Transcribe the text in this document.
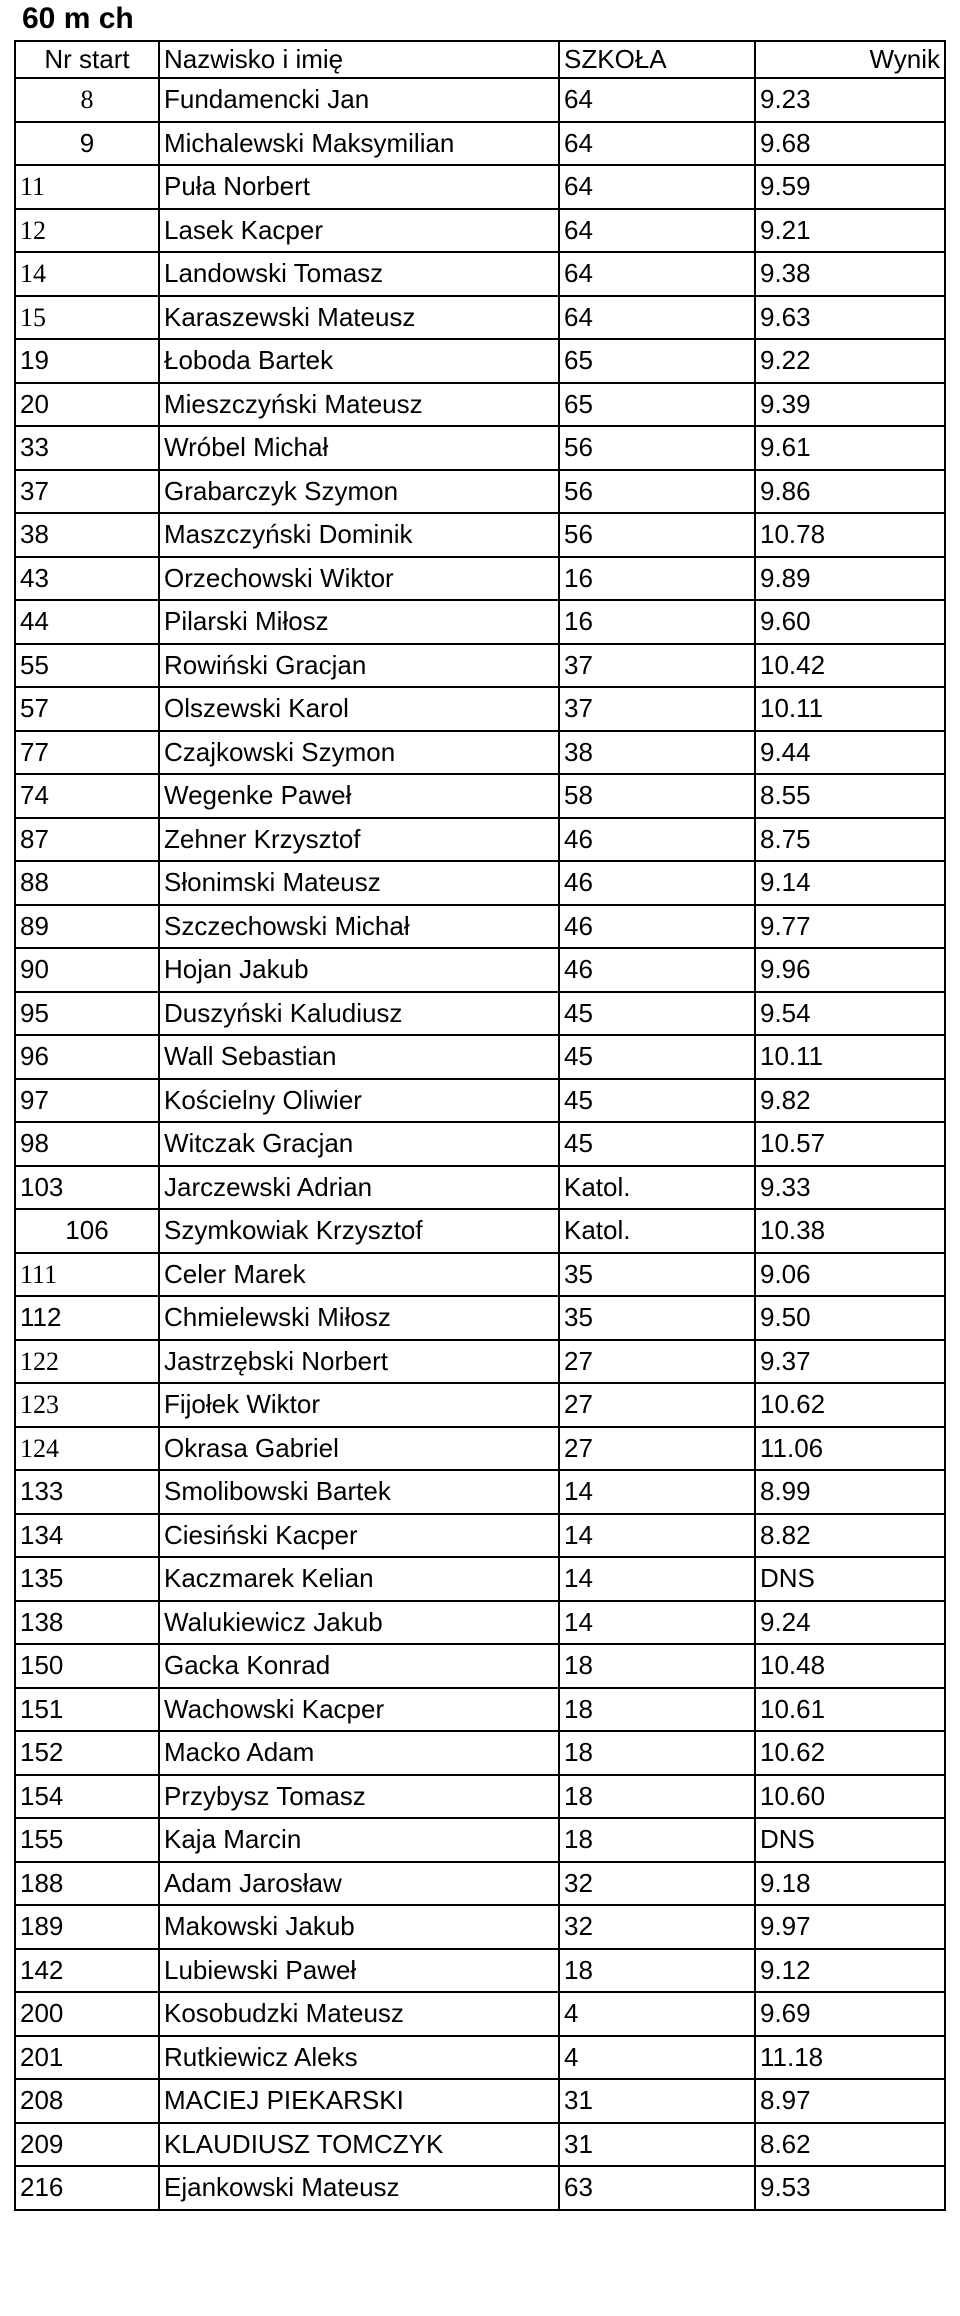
60 m ch
Nr start	Nazwisko i imię	SZKOŁA	Wynik
8	Fundamencki Jan	64	9.23
9	Michalewski Maksymilian	64	9.68
11	Puła Norbert	64	9.59
12	Lasek Kacper	64	9.21
14	Landowski Tomasz	64	9.38
15	Karaszewski Mateusz	64	9.63
19	Łoboda Bartek	65	9.22
20	Mieszczyński Mateusz	65	9.39
33	Wróbel Michał	56	9.61
37	Grabarczyk Szymon	56	9.86
38	Maszczyński Dominik	56	10.78
43	Orzechowski Wiktor	16	9.89
44	Pilarski Miłosz	16	9.60
55	Rowiński Gracjan	37	10.42
57	Olszewski Karol	37	10.11
77	Czajkowski Szymon	38	9.44
74	Wegenke Paweł	58	8.55
87	Zehner Krzysztof	46	8.75
88	Słonimski Mateusz	46	9.14
89	Szczechowski Michał	46	9.77
90	Hojan Jakub	46	9.96
95	Duszyński Kaludiusz	45	9.54
96	Wall Sebastian	45	10.11
97	Kościelny Oliwier	45	9.82
98	Witczak Gracjan	45	10.57
103	Jarczewski Adrian	Katol.	9.33
106	Szymkowiak Krzysztof	Katol.	10.38
111	Celer Marek	35	9.06
112	Chmielewski Miłosz	35	9.50
122	Jastrzębski Norbert	27	9.37
123	Fijołek Wiktor	27	10.62
124	Okrasa Gabriel	27	11.06
133	Smolibowski Bartek	14	8.99
134	Ciesiński Kacper	14	8.82
135	Kaczmarek Kelian	14	DNS
138	Walukiewicz Jakub	14	9.24
150	Gacka Konrad	18	10.48
151	Wachowski Kacper	18	10.61
152	Macko Adam	18	10.62
154	Przybysz Tomasz	18	10.60
155	Kaja Marcin	18	DNS
188	Adam Jarosław	32	9.18
189	Makowski Jakub	32	9.97
142	Lubiewski Paweł	18	9.12
200	Kosobudzki Mateusz	4	9.69
201	Rutkiewicz Aleks	4	11.18
208	MACIEJ PIEKARSKI	31	8.97
209	KLAUDIUSZ TOMCZYK	31	8.62
216	Ejankowski Mateusz	63	9.53
